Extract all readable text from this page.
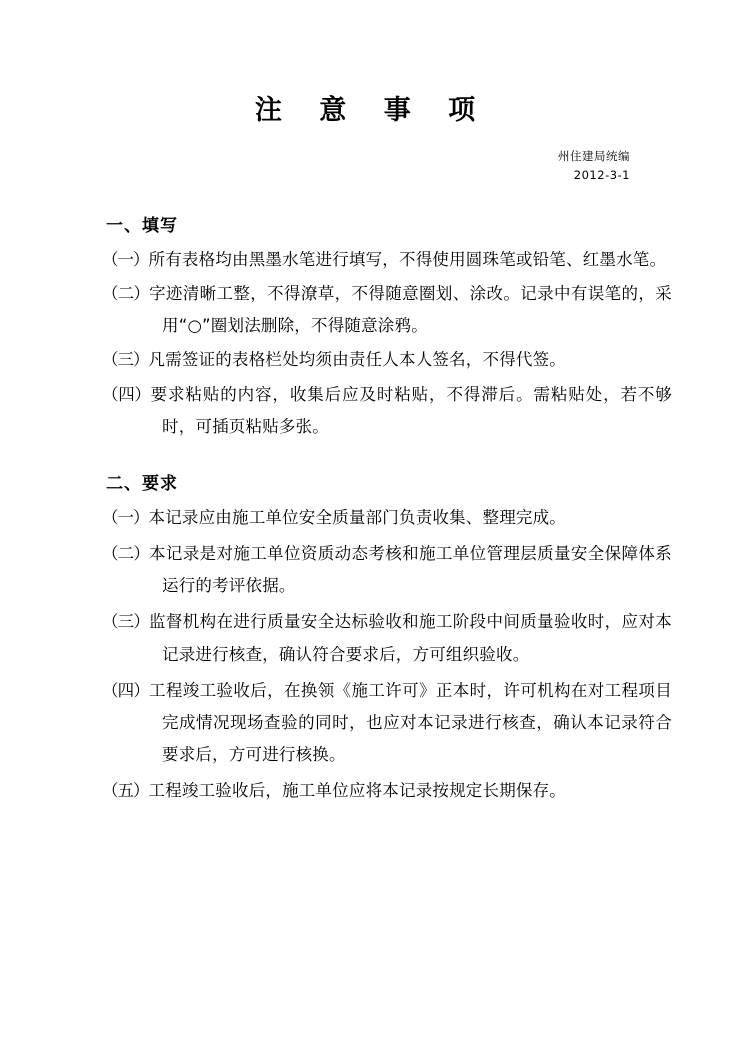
注 意 事 项
州住建局统编
2012-3-1
一、填写
（一）所有表格均由黑墨水笔进行填写，不得使用圆珠笔或铅笔、红墨水笔。
（二）字迹清晰工整，不得潦草，不得随意圈划、涂改。记录中有误笔的，采用“○”圈划法删除，不得随意涂鸦。
（三）凡需签证的表格栏处均须由责任人本人签名，不得代签。
（四）要求粘贴的内容，收集后应及时粘贴，不得滞后。需粘贴处，若不够时，可插页粘贴多张。
二、要求
（一）本记录应由施工单位安全质量部门负责收集、整理完成。
（二）本记录是对施工单位资质动态考核和施工单位管理层质量安全保障体系运行的考评依据。
（三）监督机构在进行质量安全达标验收和施工阶段中间质量验收时，应对本记录进行核查，确认符合要求后，方可组织验收。
（四）工程竣工验收后，在换领《施工许可》正本时，许可机构在对工程项目完成情况现场查验的同时，也应对本记录进行核查，确认本记录符合要求后，方可进行核换。
（五）工程竣工验收后，施工单位应将本记录按规定长期保存。
